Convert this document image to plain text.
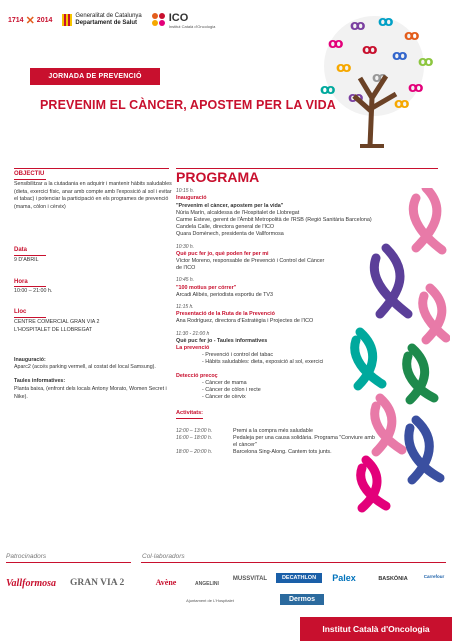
1714 ✕ 2014
Generalitat de Catalunya
Departament de Salut	ICO
Institut Català d'Oncologia
ꝏ
ꝏ ꝏ
ꝏ
ꝏ
ꝏ
ꝏ ꝏ
ꝏ	ꝏ
ꝏ
ꝏ ꝏ
JORNADA DE PREVENCIÓ
PREVENIM EL CÀNCER, APOSTEM PER LA VIDA
OBJECTIU
Sensibilitzar a la ciutadania en adquirir i mantenir hàbits saludables (dieta, exercici físic, anar amb compte amb l'exposició al sol i evitar el tabac) i potenciar la participació en els programes de prevenció (mama, còlon i cèrvix)
Data
9 D'ABRIL
Hora
10:00 – 21:00 h.
Lloc
CENTRE COMERCIAL GRAN VIA 2
L'HOSPITALET DE LLOBREGAT
Inauguració:
Aparc2 (accés parking vermell, al costat del local Samsung).
Taules informatives:
Planta baixa, (enfront dels locals Antony Morato, Women Secret i Nike).
PROGRAMA
10:15 h.
Inauguració
"Prevenim el càncer, apostem per la vida"
Núria Marín, alcaldessa de l'Hospitalet de Llobregat
Carme Esteve, gerent de l'Àmbit Metropolità de l'RSB (Regió Sanitària Barcelona)
Candela Calle, directora general de l'ICO
Quara Domènech, presidenta de Vallformosa
10:30 h.
Què puc fer jo, què poden fer per mi
Víctor Moreno, responsable de Prevenció i Control del Càncer
de l'ICO
10:45 h.
"100 motius per córrer"
Arcadi Alibés, periodista esportiu de TV3
11:15 h.
Presentació de la Ruta de la Prevenció
Ana Rodríguez, directora d'Estratègia i Projectes de l'ICO
11:30 - 21:00 h
Què puc fer jo - Taules informatives
La prevenció
- Prevenció i control del tabac
- Hàbits saludables: dieta, exposició al sol, exercici
Detecció precoç
- Càncer de mama
- Càncer de còlon i recte
- Càncer de cèrvix
Activitats:
12:00 – 13:00 h.	Premi a la compra més saludable
16:00 – 18:00 h.	Pedaleja per una causa solidària. Programa "Conviure amb el càncer"
18:00 – 20:00 h.	Barcelona Sing-Along. Cantem tots junts.
Patrocinadors	Col·laboradors
Vallformosa GRAN VIA 2	Avène	ANGELINI
MUSSVITAL	DECATHLON	Palex	BASKÒNIA	Carrefour
Ajuntament de L'Hospitalet	Dermos
Institut Català d'Oncologia
